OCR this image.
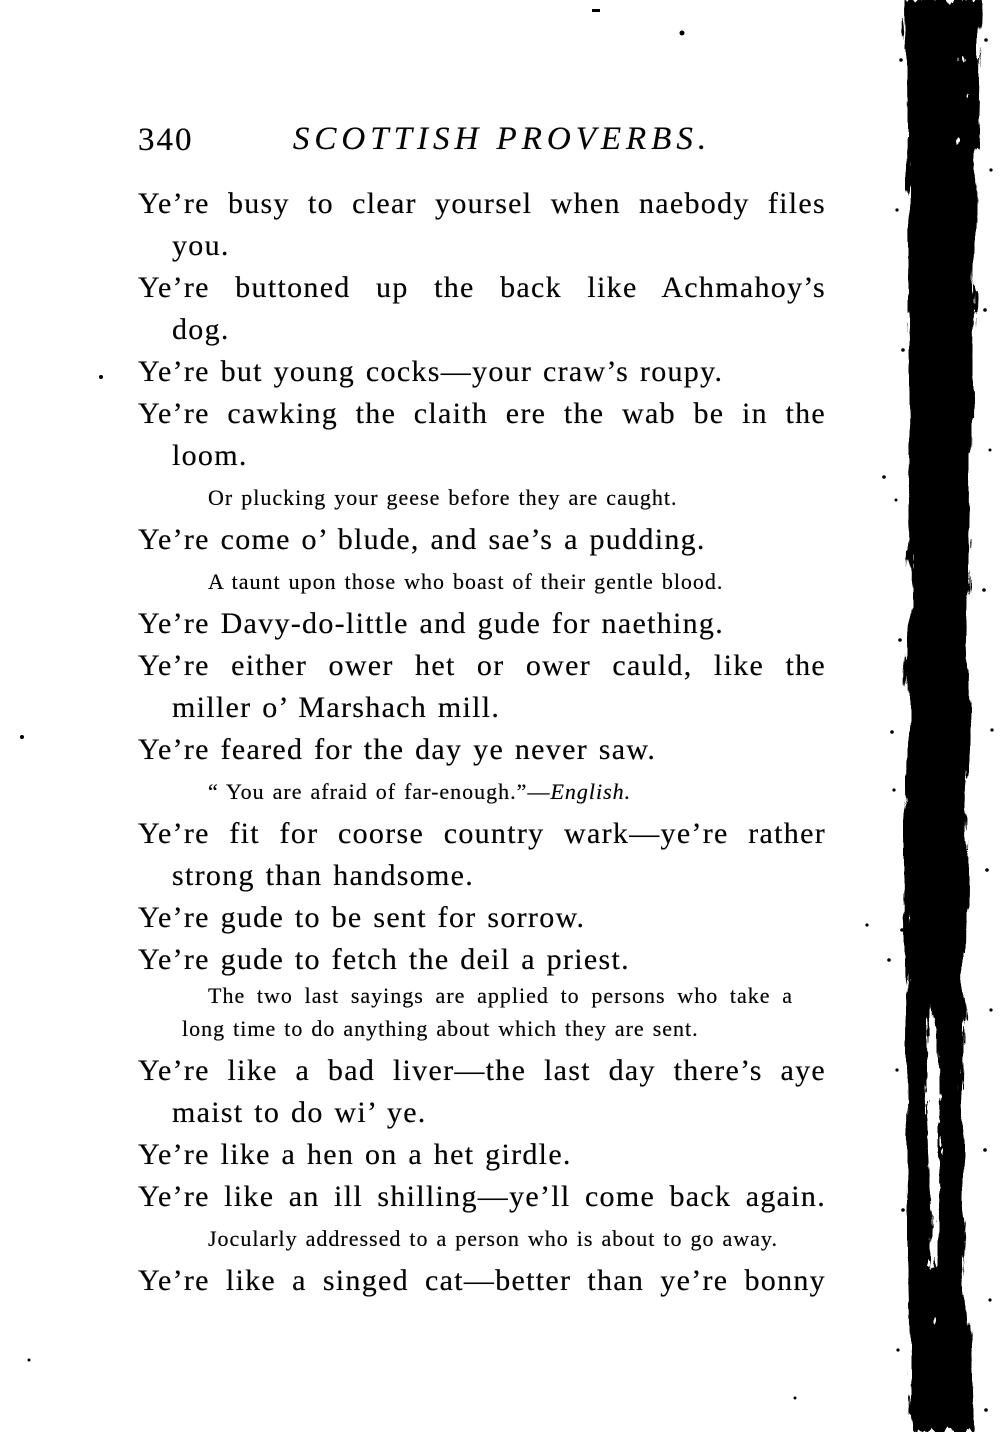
340	SCOTTISH PROVERBS.
Ye’re busy to clear yoursel when naebody files
you.
Ye’re buttoned up the back like Achmahoy’s
dog.
Ye’re but young cocks—your craw’s roupy.
Ye’re cawking the claith ere the wab be in the
loom.
Or plucking your geese before they are caught.
Ye’re come o’ blude, and sae’s a pudding.
A taunt upon those who boast of their gentle blood.
Ye’re Davy-do-little and gude for naething.
Ye’re either ower het or ower cauld, like the
miller o’ Marshach mill.
Ye’re feared for the day ye never saw.
“ You are afraid of far-enough.”—English.
Ye’re fit for coorse country wark—ye’re rather
strong than handsome.
Ye’re gude to be sent for sorrow.
Ye’re gude to fetch the deil a priest.
The two last sayings are applied to persons who take a
long time to do anything about which they are sent.
Ye’re like a bad liver—the last day there’s aye
maist to do wi’ ye.
Ye’re like a hen on a het girdle.
Ye’re like an ill shilling—ye’ll come back again.
Jocularly addressed to a person who is about to go away.
Ye’re like a singed cat—better than ye’re bonny
